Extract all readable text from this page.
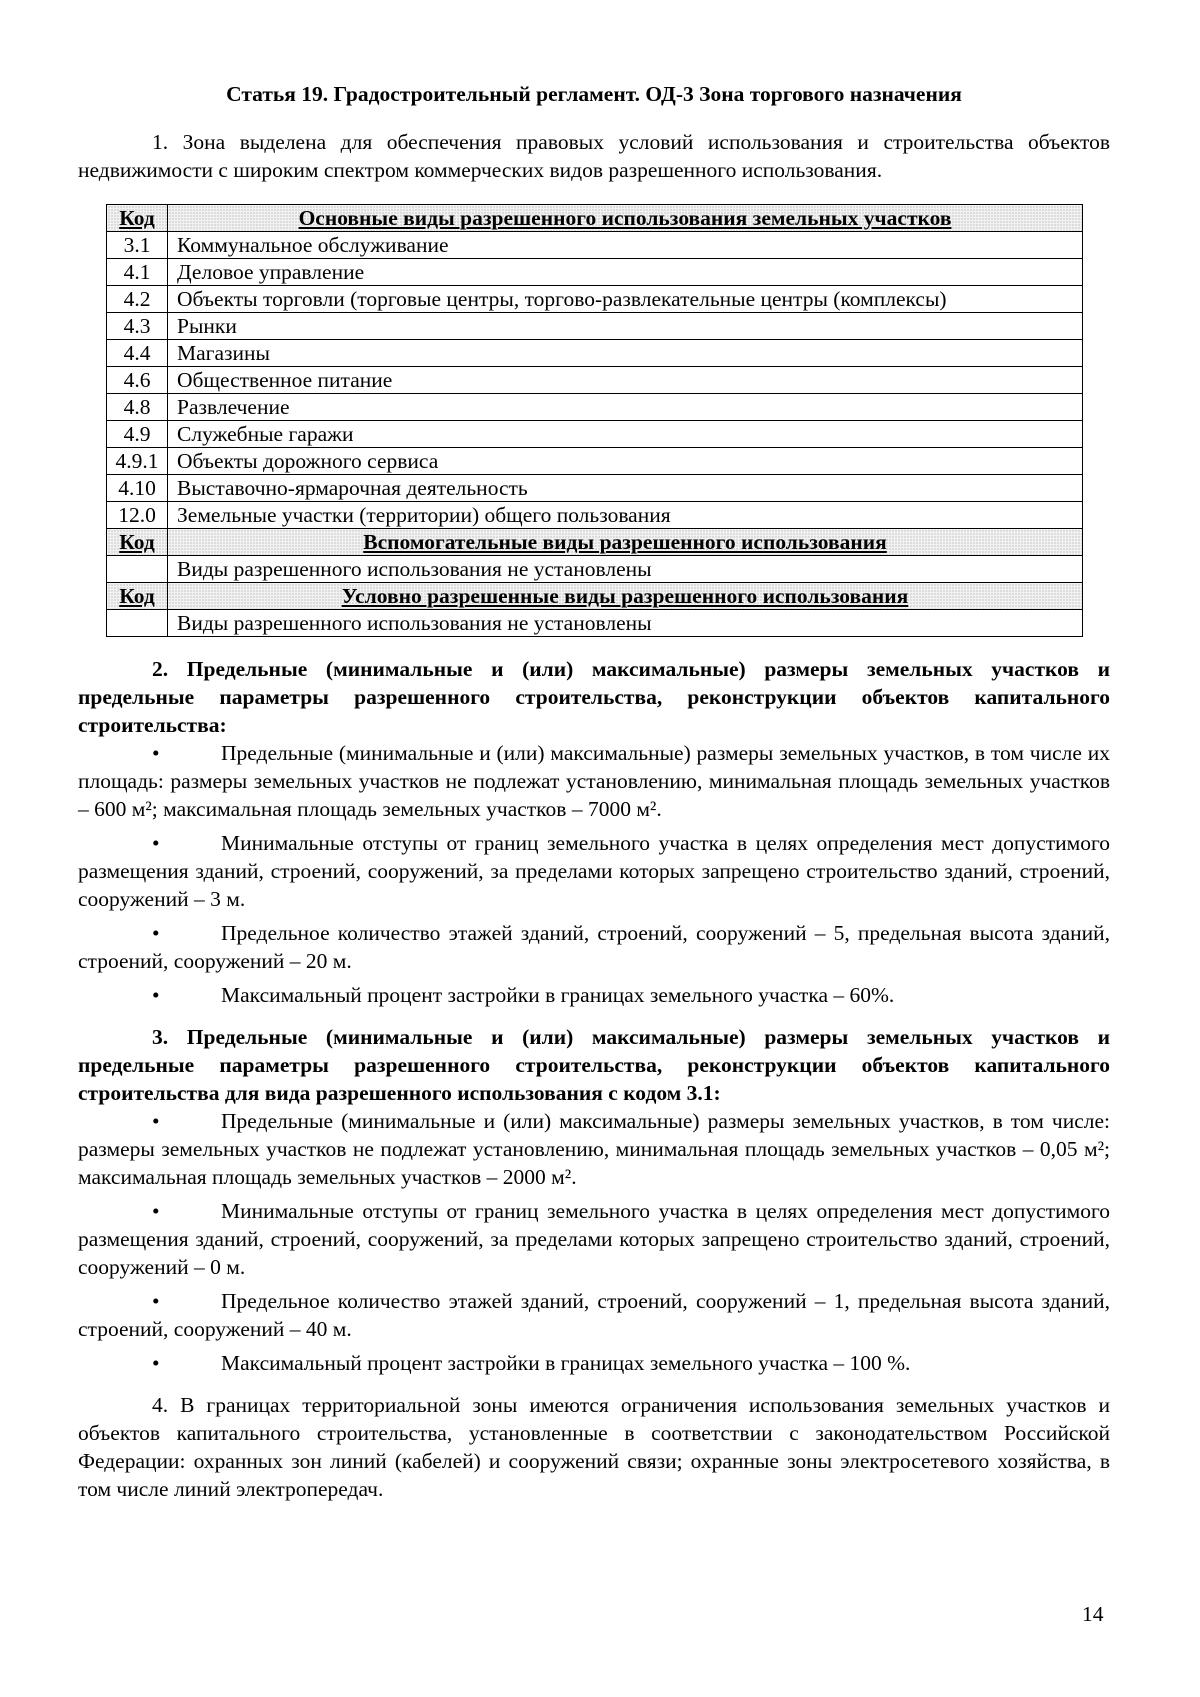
Статья 19. Градостроительный регламент. ОД-3 Зона торгового назначения

1. Зона выделена для обеспечения правовых условий использования и строительства объектов недвижимости с широким спектром коммерческих видов разрешенного использования.

Код	Основные виды разрешенного использования земельных участков
3.1	Коммунальное обслуживание
4.1	Деловое управление
4.2	Объекты торговли (торговые центры, торгово-развлекательные центры (комплексы)
4.3	Рынки
4.4	Магазины
4.6	Общественное питание
4.8	Развлечение
4.9	Служебные гаражи
4.9.1	Объекты дорожного сервиса
4.10	Выставочно-ярмарочная деятельность
12.0	Земельные участки (территории) общего пользования
Код	Вспомогательные виды разрешенного использования
	Виды разрешенного использования не установлены
Код	Условно разрешенные виды разрешенного использования
	Виды разрешенного использования не установлены

2. Предельные (минимальные и (или) максимальные) размеры земельных участков и предельные параметры разрешенного строительства, реконструкции объектов капитального строительства:

•	Предельные (минимальные и (или) максимальные) размеры земельных участков, в том числе их площадь: размеры земельных участков не подлежат установлению, минимальная площадь земельных участков – 600 м²; максимальная площадь земельных участков – 7000 м².
•	Минимальные отступы от границ земельного участка в целях определения мест допустимого размещения зданий, строений, сооружений, за пределами которых запрещено строительство зданий, строений, сооружений – 3 м.
•	Предельное количество этажей зданий, строений, сооружений – 5, предельная высота зданий, строений, сооружений – 20 м.
•	Максимальный процент застройки в границах земельного участка – 60%.

3. Предельные (минимальные и (или) максимальные) размеры земельных участков и предельные параметры разрешенного строительства, реконструкции объектов капитального строительства для вида разрешенного использования с кодом 3.1:

•	Предельные (минимальные и (или) максимальные) размеры земельных участков, в том числе: размеры земельных участков не подлежат установлению, минимальная площадь земельных участков – 0,05 м²; максимальная площадь земельных участков – 2000 м².
•	Минимальные отступы от границ земельного участка в целях определения мест допустимого размещения зданий, строений, сооружений, за пределами которых запрещено строительство зданий, строений, сооружений – 0 м.
•	Предельное количество этажей зданий, строений, сооружений – 1, предельная высота зданий, строений, сооружений – 40 м.
•	Максимальный процент застройки в границах земельного участка – 100 %.

4. В границах территориальной зоны имеются ограничения использования земельных участков и объектов капитального строительства, установленные в соответствии с законодательством Российской Федерации: охранных зон линий (кабелей) и сооружений связи; охранные зоны электросетевого хозяйства, в том числе линий электропередач.

14
